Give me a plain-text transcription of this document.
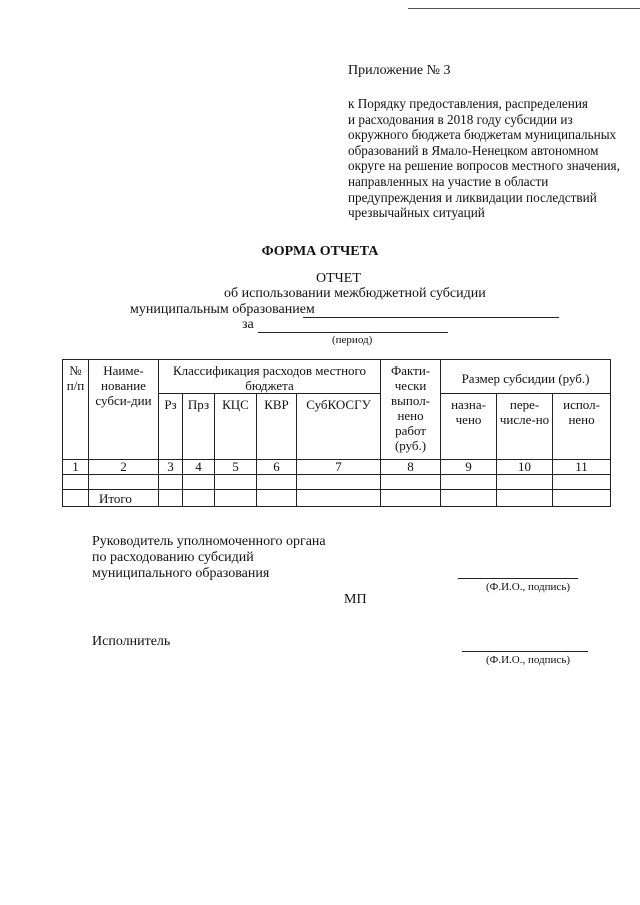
Приложение № 3
к Порядку предоставления, распределения
и расходования в 2018 году субсидии из
окружного бюджета бюджетам муниципальных
образований в Ямало-Ненецком автономном
округе на решение вопросов местного значения,
направленных на участие в области
предупреждения и ликвидации последствий
чрезвычайных ситуаций
ФОРМА ОТЧЕТА
ОТЧЕТ
об использовании межбюджетной субсидии
муниципальным образованием
за
(период)
№ п/п	Наиме-нование субси-дии	Классификация расходов местного бюджета					Факти-чески выпол-нено работ (руб.)	Размер субсидии (руб.)		
		Рз	Прз	КЦС	КВР	СубКОСГУ		назна-чено	пере-числе-но	испол-нено
1	2	3	4	5	6	7	8	9	10	11

	Итого									
Руководитель уполномоченного органа
по расходованию субсидий
муниципального образования
(Ф.И.О., подпись)
МП
Исполнитель
(Ф.И.О., подпись)
